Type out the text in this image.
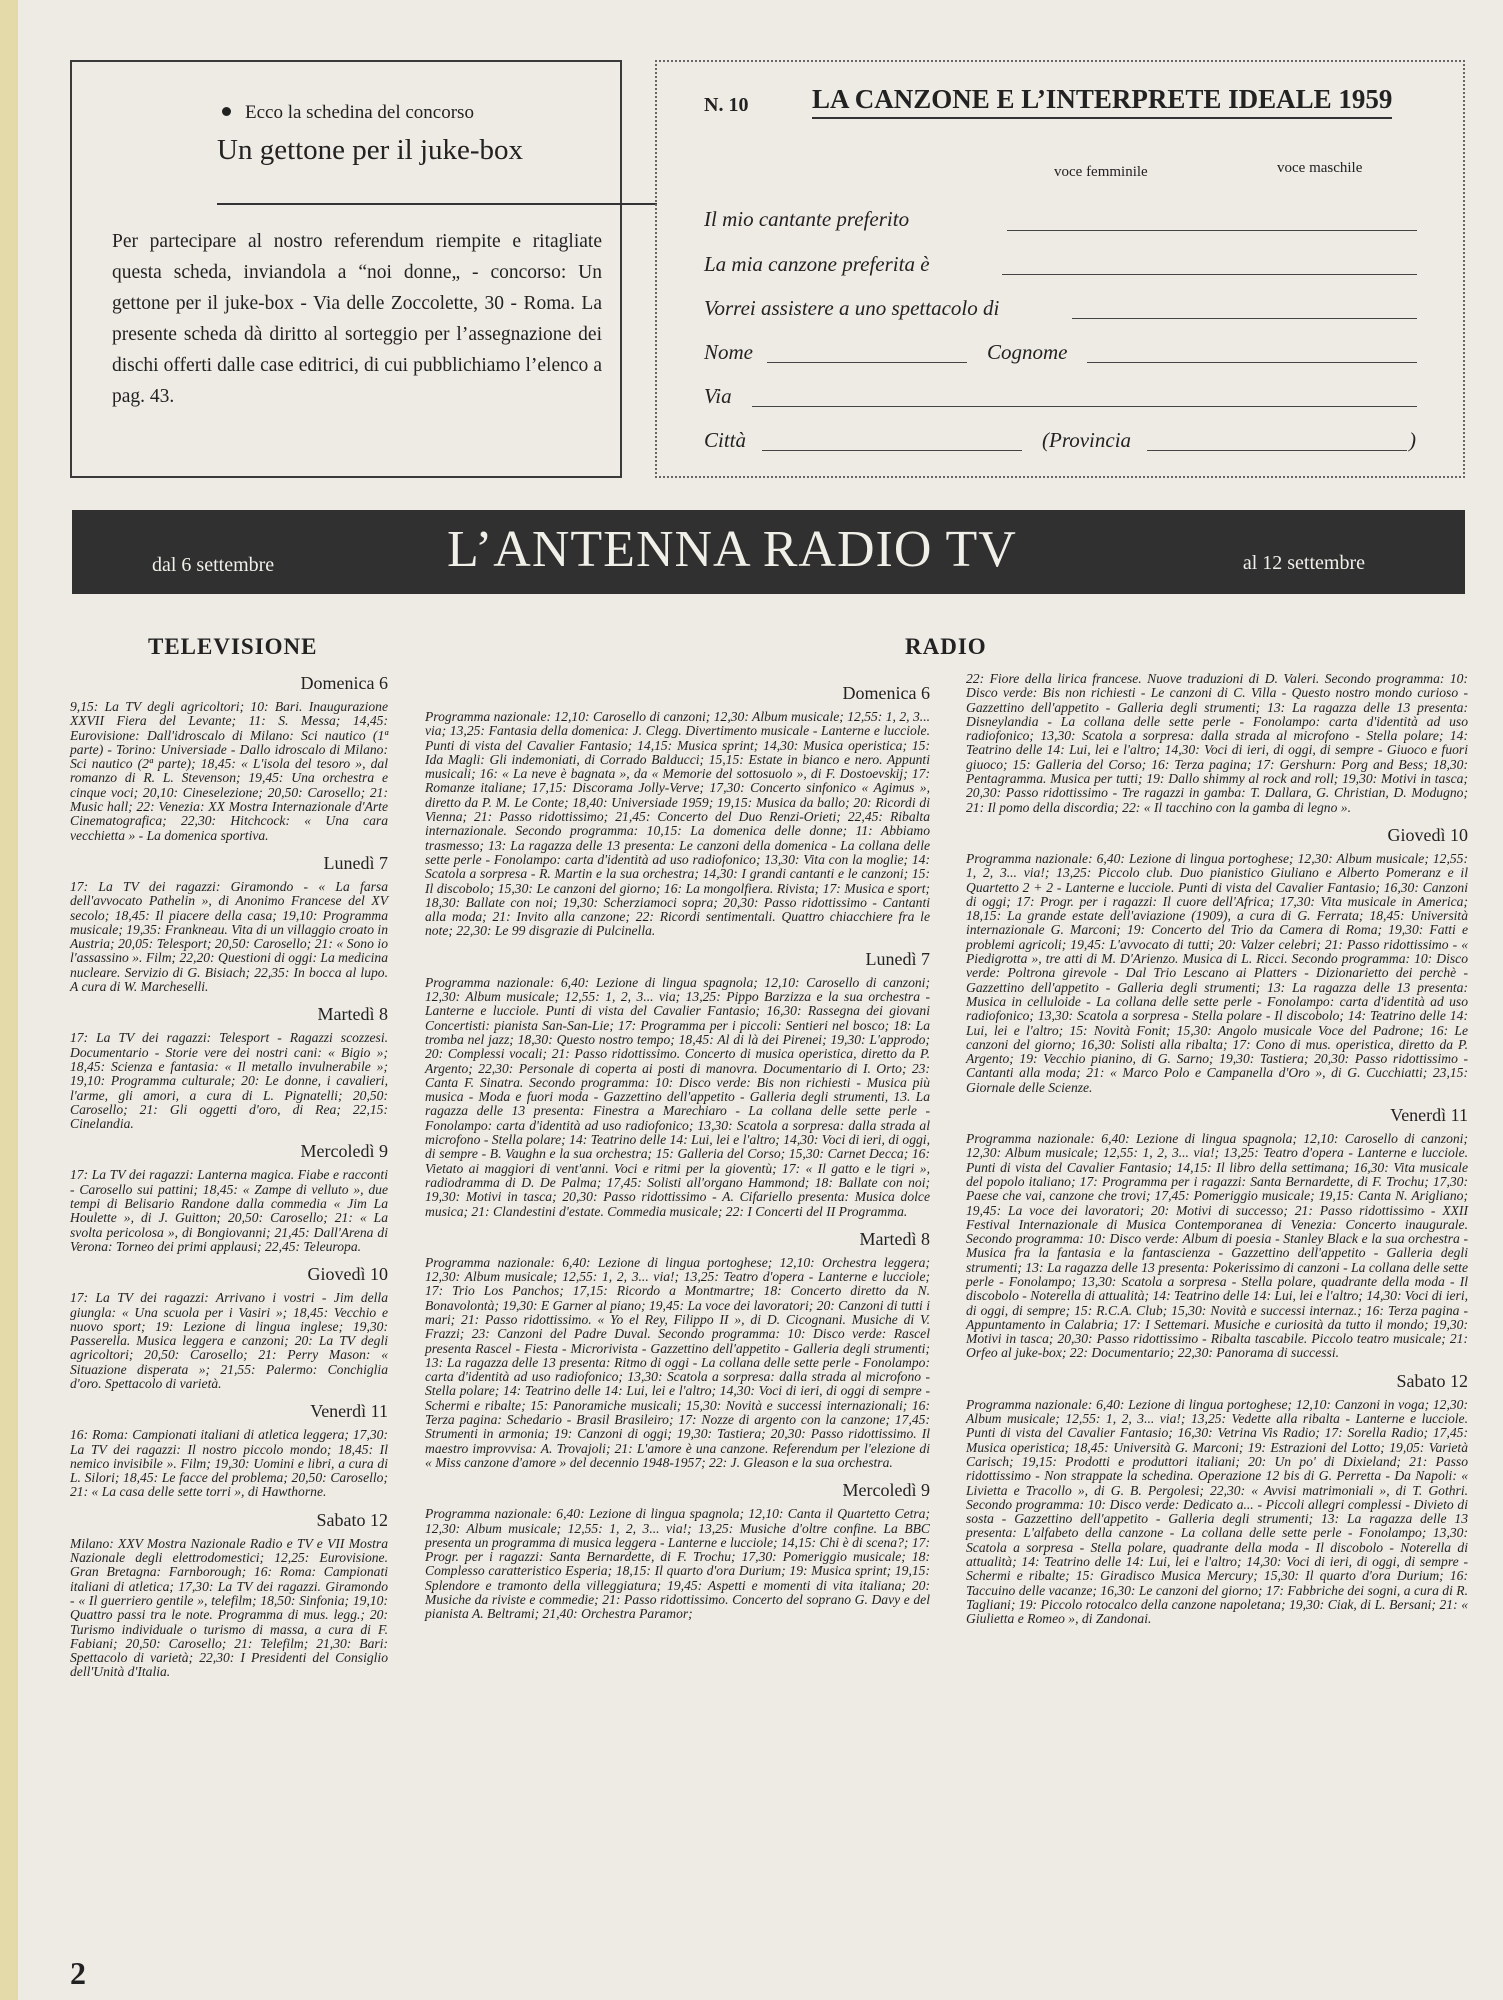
Ecco la schedina del concorso
Un gettone per il juke-box
Per partecipare al nostro referendum riempite e ritagliate questa scheda, inviandola a “noi donne„ - concorso: Un gettone per il juke-box - Via delle Zoccolette, 30 - Roma. La presente scheda dà diritto al sorteggio per l’assegnazione dei dischi offerti dalle case editrici, di cui pubblichiamo l’elenco a pag. 43.
N. 10 LA CANZONE E L’INTERPRETE IDEALE 1959
voce femminile	voce maschile
Il mio cantante preferito
La mia canzone preferita è
Vorrei assistere a uno spettacolo di
Nome	Cognome
Via
Città	(Provincia	)
dal 6 settembre	L’ANTENNA RADIO TV	al 12 settembre
TELEVISIONE	RADIO
Domenica 6
9,15: La TV degli agricoltori; 10: Bari. Inaugurazione XXVII Fiera del Levante; 11: S. Messa; 14,45: Eurovisione: Dall'idroscalo di Milano: Sci nautico (1ª parte) - Torino: Universiade - Dallo idroscalo di Milano: Sci nautico (2ª parte); 18,45: « L'isola del tesoro », dal romanzo di R. L. Stevenson; 19,45: Una orchestra e cinque voci; 20,10: Cineselezione; 20,50: Carosello; 21: Music hall; 22: Venezia: XX Mostra Internazionale d'Arte Cinematografica; 22,30: Hitchcock: « Una cara vecchietta » - La domenica sportiva.
Lunedì 7
17: La TV dei ragazzi: Giramondo - « La farsa dell'avvocato Pathelin », di Anonimo Francese del XV secolo; 18,45: Il piacere della casa; 19,10: Programma musicale; 19,35: Frankneau. Vita di un villaggio croato in Austria; 20,05: Telesport; 20,50: Carosello; 21: « Sono io l'assassino ». Film; 22,20: Questioni di oggi: La medicina nucleare. Servizio di G. Bisiach; 22,35: In bocca al lupo. A cura di W. Marcheselli.
Martedì 8
17: La TV dei ragazzi: Telesport - Ragazzi scozzesi. Documentario - Storie vere dei nostri cani: « Bigio »; 18,45: Scienza e fantasia: « Il metallo invulnerabile »; 19,10: Programma culturale; 20: Le donne, i cavalieri, l'arme, gli amori, a cura di L. Pignatelli; 20,50: Carosello; 21: Gli oggetti d'oro, di Rea; 22,15: Cinelandia.
Mercoledì 9
17: La TV dei ragazzi: Lanterna magica. Fiabe e racconti - Carosello sui pattini; 18,45: « Zampe di velluto », due tempi di Belisario Randone dalla commedia « Jim La Houlette », di J. Guitton; 20,50: Carosello; 21: « La svolta pericolosa », di Bongiovanni; 21,45: Dall'Arena di Verona: Torneo dei primi applausi; 22,45: Teleuropa.
Giovedì 10
17: La TV dei ragazzi: Arrivano i vostri - Jim della giungla: « Una scuola per i Vasiri »; 18,45: Vecchio e nuovo sport; 19: Lezione di lingua inglese; 19,30: Passerella. Musica leggera e canzoni; 20: La TV degli agricoltori; 20,50: Carosello; 21: Perry Mason: « Situazione disperata »; 21,55: Palermo: Conchiglia d'oro. Spettacolo di varietà.
Venerdì 11
16: Roma: Campionati italiani di atletica leggera; 17,30: La TV dei ragazzi: Il nostro piccolo mondo; 18,45: Il nemico invisibile ». Film; 19,30: Uomini e libri, a cura di L. Silori; 18,45: Le facce del problema; 20,50: Carosello; 21: « La casa delle sette torri », di Hawthorne.
Sabato 12
Milano: XXV Mostra Nazionale Radio e TV e VII Mostra Nazionale degli elettrodomestici; 12,25: Eurovisione. Gran Bretagna: Farnborough; 16: Roma: Campionati italiani di atletica; 17,30: La TV dei ragazzi. Giramondo - « Il guerriero gentile », telefilm; 18,50: Sinfonia; 19,10: Quattro passi tra le note. Programma di mus. legg.; 20: Turismo individuale o turismo di massa, a cura di F. Fabiani; 20,50: Carosello; 21: Telefilm; 21,30: Bari: Spettacolo di varietà; 22,30: I Presidenti del Consiglio dell'Unità d'Italia.
Domenica 6
Programma nazionale: 12,10: Carosello di canzoni; 12,30: Album musicale; 12,55: 1, 2, 3... via; 13,25: Fantasia della domenica: J. Clegg. Divertimento musicale - Lanterne e lucciole. Punti di vista del Cavalier Fantasio; 14,15: Musica sprint; 14,30: Musica operistica; 15: Ida Magli: Gli indemoniati, di Corrado Balducci; 15,15: Estate in bianco e nero. Appunti musicali; 16: « La neve è bagnata », da « Memorie del sottosuolo », di F. Dostoevskij; 17: Romanze italiane; 17,15: Discorama Jolly-Verve; 17,30: Concerto sinfonico « Agimus », diretto da P. M. Le Conte; 18,40: Universiade 1959; 19,15: Musica da ballo; 20: Ricordi di Vienna; 21: Passo ridottissimo; 21,45: Concerto del Duo Renzi-Orieti; 22,45: Ribalta internazionale. Secondo programma: 10,15: La domenica delle donne; 11: Abbiamo trasmesso; 13: La ragazza delle 13 presenta: Le canzoni della domenica - La collana delle sette perle - Fonolampo: carta d'identità ad uso radiofonico; 13,30: Vita con la moglie; 14: Scatola a sorpresa - R. Martin e la sua orchestra; 14,30: I grandi cantanti e le canzoni; 15: Il discobolo; 15,30: Le canzoni del giorno; 16: La mongolfiera. Rivista; 17: Musica e sport; 18,30: Ballate con noi; 19,30: Scherziamoci sopra; 20,30: Passo ridottissimo - Cantanti alla moda; 21: Invito alla canzone; 22: Ricordi sentimentali. Quattro chiacchiere fra le note; 22,30: Le 99 disgrazie di Pulcinella.
Lunedì 7
Programma nazionale: 6,40: Lezione di lingua spagnola; 12,10: Carosello di canzoni; 12,30: Album musicale; 12,55: 1, 2, 3... via; 13,25: Pippo Barzizza e la sua orchestra - Lanterne e lucciole. Punti di vista del Cavalier Fantasio; 16,30: Rassegna dei giovani Concertisti: pianista San-San-Lie; 17: Programma per i piccoli: Sentieri nel bosco; 18: La tromba nel jazz; 18,30: Questo nostro tempo; 18,45: Al di là dei Pirenei; 19,30: L'approdo; 20: Complessi vocali; 21: Passo ridottissimo. Concerto di musica operistica, diretto da P. Argento; 22,30: Personale di coperta ai posti di manovra. Documentario di I. Orto; 23: Canta F. Sinatra. Secondo programma: 10: Disco verde: Bis non richiesti - Musica più musica - Moda e fuori moda - Gazzettino dell'appetito - Galleria degli strumenti, 13. La ragazza delle 13 presenta: Finestra a Marechiaro - La collana delle sette perle - Fonolampo: carta d'identità ad uso radiofonico; 13,30: Scatola a sorpresa: dalla strada al microfono - Stella polare; 14: Teatrino delle 14: Lui, lei e l'altro; 14,30: Voci di ieri, di oggi, di sempre - B. Vaughn e la sua orchestra; 15: Galleria del Corso; 15,30: Carnet Decca; 16: Vietato ai maggiori di vent'anni. Voci e ritmi per la gioventù; 17: « Il gatto e le tigri », radiodramma di D. De Palma; 17,45: Solisti all'organo Hammond; 18: Ballate con noi; 19,30: Motivi in tasca; 20,30: Passo ridottissimo - A. Cifariello presenta: Musica dolce musica; 21: Clandestini d'estate. Commedia musicale; 22: I Concerti del II Programma.
Martedì 8
Programma nazionale: 6,40: Lezione di lingua portoghese; 12,10: Orchestra leggera; 12,30: Album musicale; 12,55: 1, 2, 3... via!; 13,25: Teatro d'opera - Lanterne e lucciole; 17: Trio Los Panchos; 17,15: Ricordo a Montmartre; 18: Concerto diretto da N. Bonavolontà; 19,30: E Garner al piano; 19,45: La voce dei lavoratori; 20: Canzoni di tutti i mari; 21: Passo ridottissimo. « Yo el Rey, Filippo II », di D. Cicognani. Musiche di V. Frazzi; 23: Canzoni del Padre Duval. Secondo programma: 10: Disco verde: Rascel presenta Rascel - Fiesta - Microrivista - Gazzettino dell'appetito - Galleria degli strumenti; 13: La ragazza delle 13 presenta: Ritmo di oggi - La collana delle sette perle - Fonolampo: carta d'identità ad uso radiofonico; 13,30: Scatola a sorpresa: dalla strada al microfono - Stella polare; 14: Teatrino delle 14: Lui, lei e l'altro; 14,30: Voci di ieri, di oggi di sempre - Schermi e ribalte; 15: Panoramiche musicali; 15,30: Novità e successi internazionali; 16: Terza pagina: Schedario - Brasil Brasileiro; 17: Nozze di argento con la canzone; 17,45: Strumenti in armonia; 19: Canzoni di oggi; 19,30: Tastiera; 20,30: Passo ridottissimo. Il maestro improvvisa: A. Trovajoli; 21: L'amore è una canzone. Referendum per l'elezione di « Miss canzone d'amore » del decennio 1948-1957; 22: J. Gleason e la sua orchestra.
Mercoledì 9
Programma nazionale: 6,40: Lezione di lingua spagnola; 12,10: Canta il Quartetto Cetra; 12,30: Album musicale; 12,55: 1, 2, 3... via!; 13,25: Musiche d'oltre confine. La BBC presenta un programma di musica leggera - Lanterne e lucciole; 14,15: Chi è di scena?; 17: Progr. per i ragazzi: Santa Bernardette, di F. Trochu; 17,30: Pomeriggio musicale; 18: Complesso caratteristico Esperia; 18,15: Il quarto d'ora Durium; 19: Musica sprint; 19,15: Splendore e tramonto della villeggiatura; 19,45: Aspetti e momenti di vita italiana; 20: Musiche da riviste e commedie; 21: Passo ridottissimo. Concerto del soprano G. Davy e del pianista A. Beltrami; 21,40: Orchestra Paramor;
22: Fiore della lirica francese. Nuove traduzioni di D. Valeri. Secondo programma: 10: Disco verde: Bis non richiesti - Le canzoni di C. Villa - Questo nostro mondo curioso - Gazzettino dell'appetito - Galleria degli strumenti; 13: La ragazza delle 13 presenta: Disneylandia - La collana delle sette perle - Fonolampo: carta d'identità ad uso radiofonico; 13,30: Scatola a sorpresa: dalla strada al microfono - Stella polare; 14: Teatrino delle 14: Lui, lei e l'altro; 14,30: Voci di ieri, di oggi, di sempre - Giuoco e fuori giuoco; 15: Galleria del Corso; 16: Terza pagina; 17: Gershurn: Porg and Bess; 18,30: Pentagramma. Musica per tutti; 19: Dallo shimmy al rock and roll; 19,30: Motivi in tasca; 20,30: Passo ridottissimo - Tre ragazzi in gamba: T. Dallara, G. Christian, D. Modugno; 21: Il pomo della discordia; 22: « Il tacchino con la gamba di legno ».
Giovedì 10
Programma nazionale: 6,40: Lezione di lingua portoghese; 12,30: Album musicale; 12,55: 1, 2, 3... via!; 13,25: Piccolo club. Duo pianistico Giuliano e Alberto Pomeranz e il Quartetto 2 + 2 - Lanterne e lucciole. Punti di vista del Cavalier Fantasio; 16,30: Canzoni di oggi; 17: Progr. per i ragazzi: Il cuore dell'Africa; 17,30: Vita musicale in America; 18,15: La grande estate dell'aviazione (1909), a cura di G. Ferrata; 18,45: Università internazionale G. Marconi; 19: Concerto del Trio da Camera di Roma; 19,30: Fatti e problemi agricoli; 19,45: L'avvocato di tutti; 20: Valzer celebri; 21: Passo ridottissimo - « Piedigrotta », tre atti di M. D'Arienzo. Musica di L. Ricci. Secondo programma: 10: Disco verde: Poltrona girevole - Dal Trio Lescano ai Platters - Dizionarietto dei perchè - Gazzettino dell'appetito - Galleria degli strumenti; 13: La ragazza delle 13 presenta: Musica in celluloide - La collana delle sette perle - Fonolampo: carta d'identità ad uso radiofonico; 13,30: Scatola a sorpresa - Stella polare - Il discobolo; 14: Teatrino delle 14: Lui, lei e l'altro; 15: Novità Fonit; 15,30: Angolo musicale Voce del Padrone; 16: Le canzoni del giorno; 16,30: Solisti alla ribalta; 17: Cono di mus. operistica, diretto da P. Argento; 19: Vecchio pianino, di G. Sarno; 19,30: Tastiera; 20,30: Passo ridottissimo - Cantanti alla moda; 21: « Marco Polo e Campanella d'Oro », di G. Cucchiatti; 23,15: Giornale delle Scienze.
Venerdì 11
Programma nazionale: 6,40: Lezione di lingua spagnola; 12,10: Carosello di canzoni; 12,30: Album musicale; 12,55: 1, 2, 3... via!; 13,25: Teatro d'opera - Lanterne e lucciole. Punti di vista del Cavalier Fantasio; 14,15: Il libro della settimana; 16,30: Vita musicale del popolo italiano; 17: Programma per i ragazzi: Santa Bernardette, di F. Trochu; 17,30: Paese che vai, canzone che trovi; 17,45: Pomeriggio musicale; 19,15: Canta N. Arigliano; 19,45: La voce dei lavoratori; 20: Motivi di successo; 21: Passo ridottissimo - XXII Festival Internazionale di Musica Contemporanea di Venezia: Concerto inaugurale. Secondo programma: 10: Disco verde: Album di poesia - Stanley Black e la sua orchestra - Musica fra la fantasia e la fantascienza - Gazzettino dell'appetito - Galleria degli strumenti; 13: La ragazza delle 13 presenta: Pokerissimo di canzoni - La collana delle sette perle - Fonolampo; 13,30: Scatola a sorpresa - Stella polare, quadrante della moda - Il discobolo - Noterella di attualità; 14: Teatrino delle 14: Lui, lei e l'altro; 14,30: Voci di ieri, di oggi, di sempre; 15: R.C.A. Club; 15,30: Novità e successi internaz.; 16: Terza pagina - Appuntamento in Calabria; 17: I Settemari. Musiche e curiosità da tutto il mondo; 19,30: Motivi in tasca; 20,30: Passo ridottissimo - Ribalta tascabile. Piccolo teatro musicale; 21: Orfeo al juke-box; 22: Documentario; 22,30: Panorama di successi.
Sabato 12
Programma nazionale: 6,40: Lezione di lingua portoghese; 12,10: Canzoni in voga; 12,30: Album musicale; 12,55: 1, 2, 3... via!; 13,25: Vedette alla ribalta - Lanterne e lucciole. Punti di vista del Cavalier Fantasio; 16,30: Vetrina Vis Radio; 17: Sorella Radio; 17,45: Musica operistica; 18,45: Università G. Marconi; 19: Estrazioni del Lotto; 19,05: Varietà Carisch; 19,15: Prodotti e produttori italiani; 20: Un po' di Dixieland; 21: Passo ridottissimo - Non strappate la schedina. Operazione 12 bis di G. Perretta - Da Napoli: « Livietta e Tracollo », di G. B. Pergolesi; 22,30: « Avvisi matrimoniali », di T. Gothri. Secondo programma: 10: Disco verde: Dedicato a... - Piccoli allegri complessi - Divieto di sosta - Gazzettino dell'appetito - Galleria degli strumenti; 13: La ragazza delle 13 presenta: L'alfabeto della canzone - La collana delle sette perle - Fonolampo; 13,30: Scatola a sorpresa - Stella polare, quadrante della moda - Il discobolo - Noterella di attualità; 14: Teatrino delle 14: Lui, lei e l'altro; 14,30: Voci di ieri, di oggi, di sempre - Schermi e ribalte; 15: Giradisco Musica Mercury; 15,30: Il quarto d'ora Durium; 16: Taccuino delle vacanze; 16,30: Le canzoni del giorno; 17: Fabbriche dei sogni, a cura di R. Tagliani; 19: Piccolo rotocalco della canzone napoletana; 19,30: Ciak, di L. Bersani; 21: « Giulietta e Romeo », di Zandonai.
2
